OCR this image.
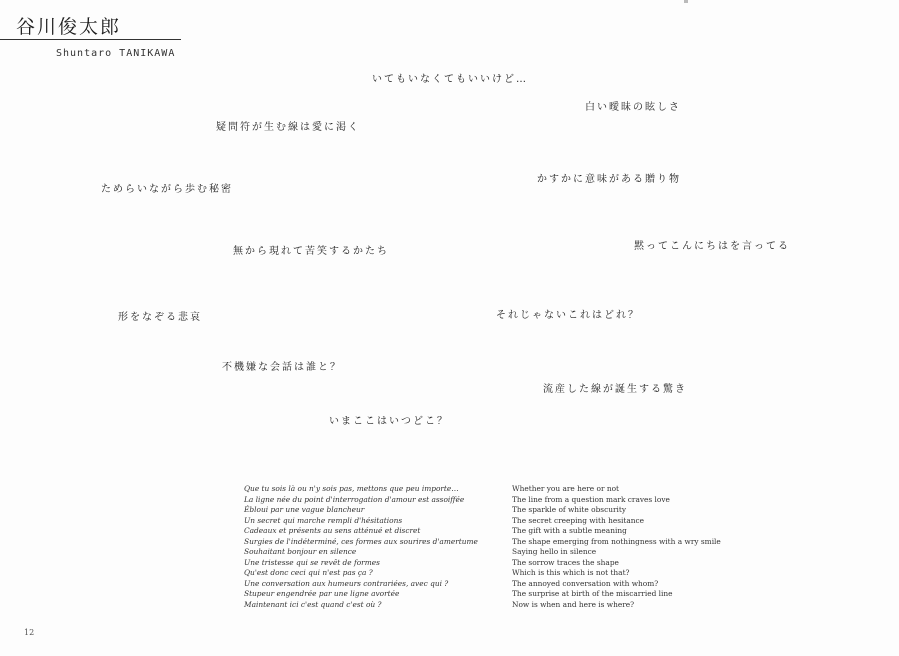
谷川俊太郎
Shuntaro TANIKAWA
いてもいなくてもいいけど…
白い曖昧の眩しさ
疑問符が生む線は愛に渇く
ためらいながら歩む秘密
かすかに意味がある贈り物
無から現れて苦笑するかたち	黙ってこんにちはを言ってる
形をなぞる悲哀	それじゃないこれはどれ？
不機嫌な会話は誰と？
流産した線が誕生する驚き
いまここはいつどこ？
Que tu sois là ou n'y sois pas, mettons que peu importe…
La ligne née du point d'interrogation d'amour est assoiffée
Ébloui par une vague blancheur
Un secret qui marche rempli d'hésitations
Cadeaux et présents au sens atténué et discret
Surgies de l'indéterminé, ces formes aux sourires d'amertume
Souhaitant bonjour en silence
Une tristesse qui se revêt de formes
Qu'est donc ceci qui n'est pas ça ?
Une conversation aux humeurs contrariées, avec qui ?
Stupeur engendrée par une ligne avortée
Maintenant ici c'est quand c'est où ?
Whether you are here or not
The line from a question mark craves love
The sparkle of white obscurity
The secret creeping with hesitance
The gift with a subtle meaning
The shape emerging from nothingness with a wry smile
Saying hello in silence
The sorrow traces the shape
Which is this which is not that?
The annoyed conversation with whom?
The surprise at birth of the miscarried line
Now is when and here is where?
12
